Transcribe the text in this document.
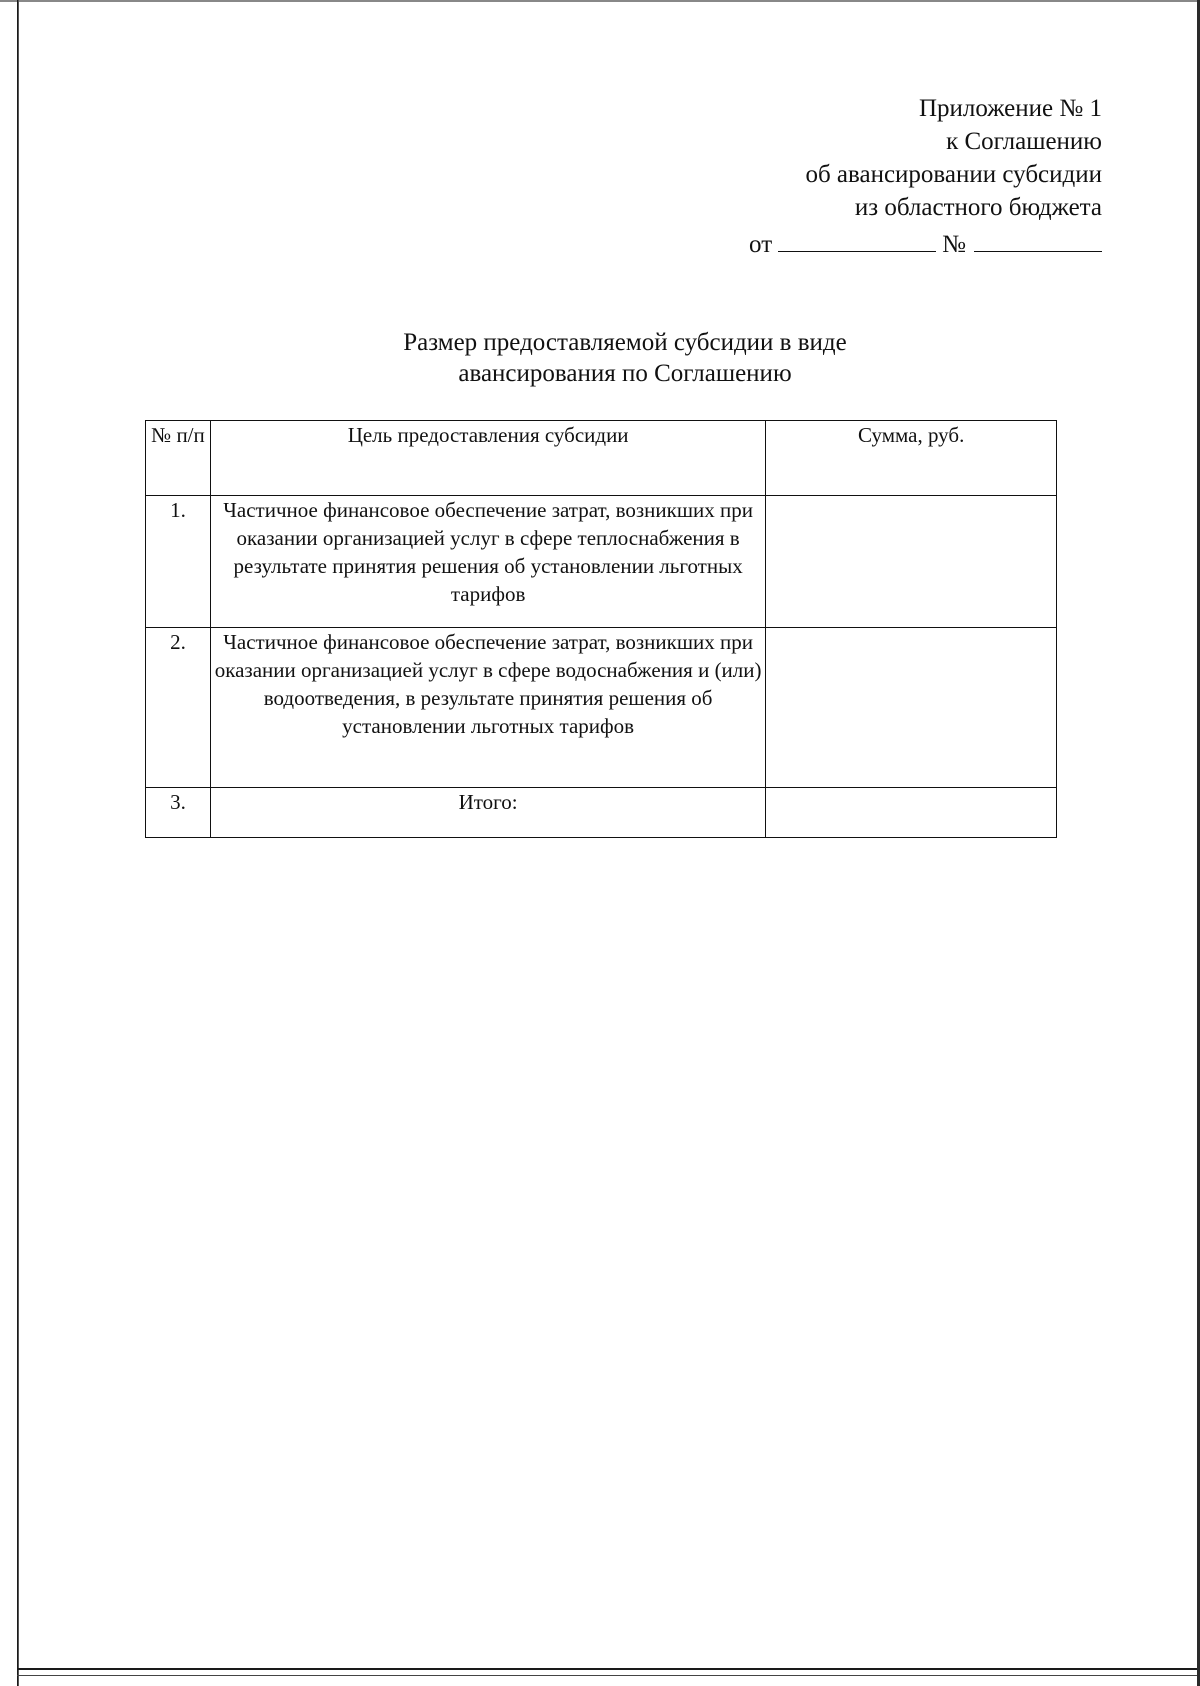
Приложение № 1
к Соглашению
об авансировании субсидии
из областного бюджета
от	№
Размер предоставляемой субсидии в виде
авансирования по Соглашению
№ п/п	Цель предоставления субсидии	Сумма, руб.
1.	Частичное финансовое обеспечение затрат, возникших при оказании организацией услуг в сфере теплоснабжения в результате принятия решения об установлении льготных тарифов	
2.	Частичное финансовое обеспечение затрат, возникших при оказании организацией услуг в сфере водоснабжения и (или) водоотведения, в результате принятия решения об установлении льготных тарифов	
3.	Итого:	
